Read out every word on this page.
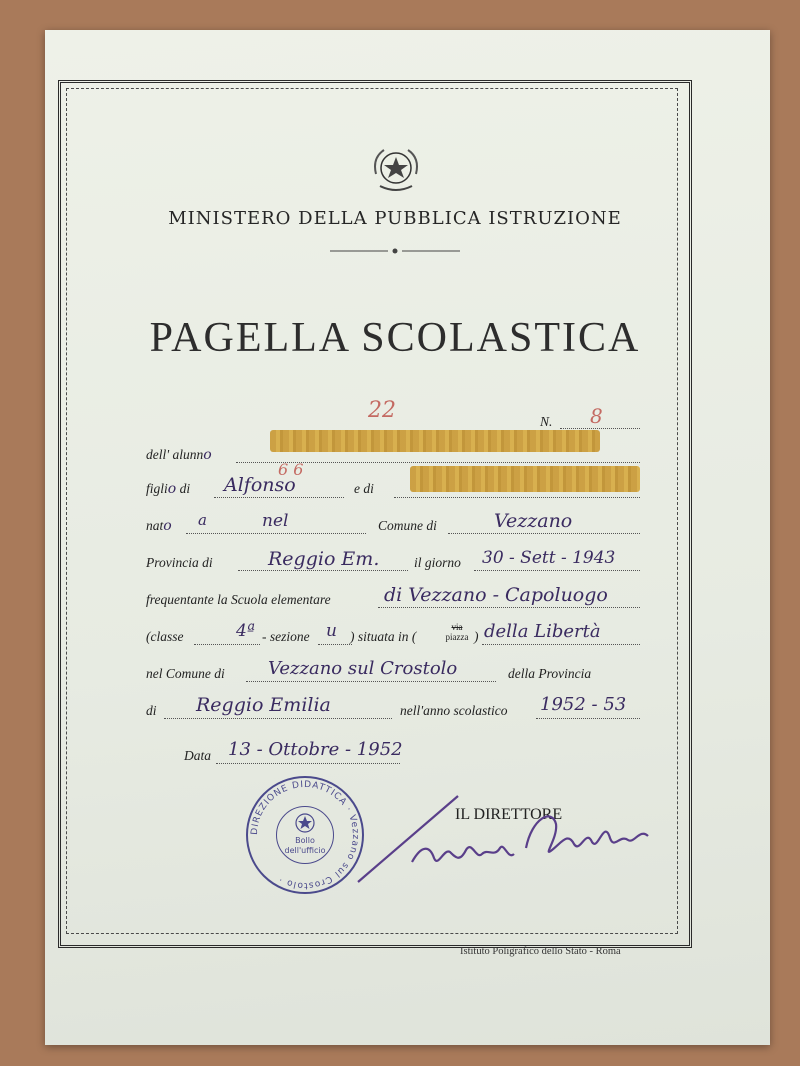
MINISTERO DELLA PUBBLICA ISTRUZIONE
PAGELLA SCOLASTICA
22	N. 8
dell' alunno
figlio di Alfonso
6 6
e di
nato a	nel	Comune di	Vezzano
Provincia di	Reggio Em.	il giorno 30 - Sett - 1943
frequentante la Scuola elementare	di Vezzano - Capoluogo
(classe	4ª - sezione u ) situata in (
via
piazza ) della Libertà
nel Comune di Vezzano sul Crostolo	della Provincia
di Reggio Emilia	nell'anno scolastico 1952 - 53
Data 13 - Ottobre - 1952
DIREZIONE DIDATTICA · Vezzano sul Crostolo ·
Bollo
dell'ufficio
IL DIRETTORE
Istituto Poligrafico dello Stato - Roma
